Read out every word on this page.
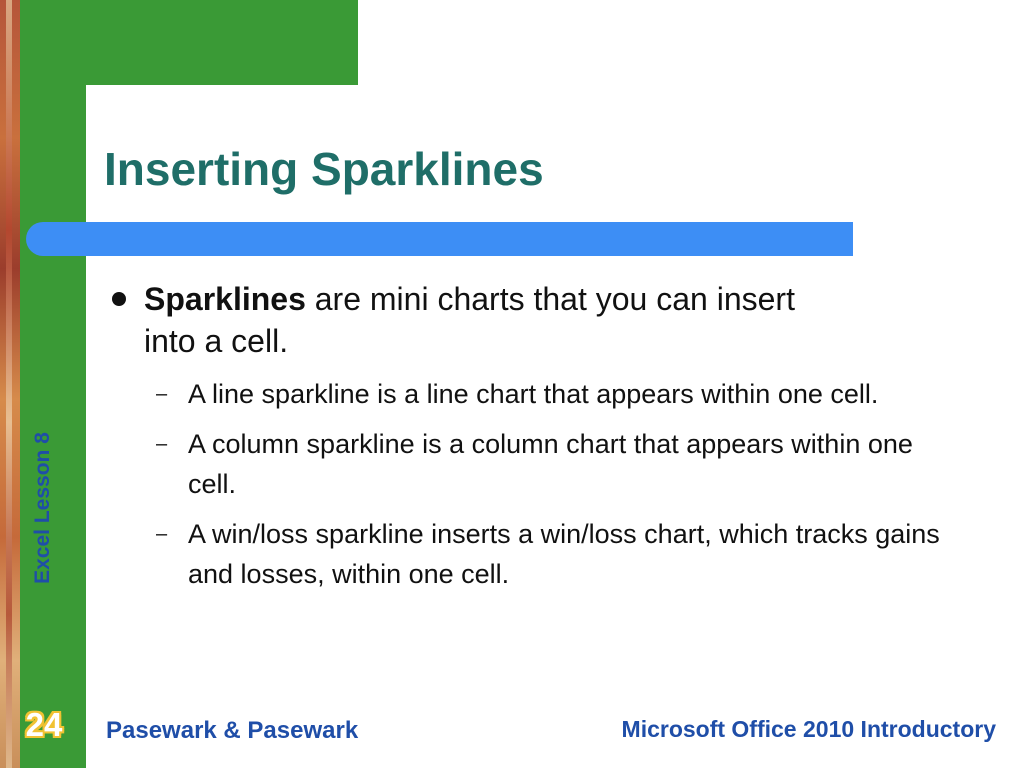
Inserting Sparklines
Sparklines are mini charts that you can insert into a cell.
– A line sparkline is a line chart that appears within one cell.
– A column sparkline is a column chart that appears within one cell.
– A win/loss sparkline inserts a win/loss chart, which tracks gains and losses, within one cell.
Excel Lesson 8
24 Pasewark & Pasewark	Microsoft Office 2010 Introductory
